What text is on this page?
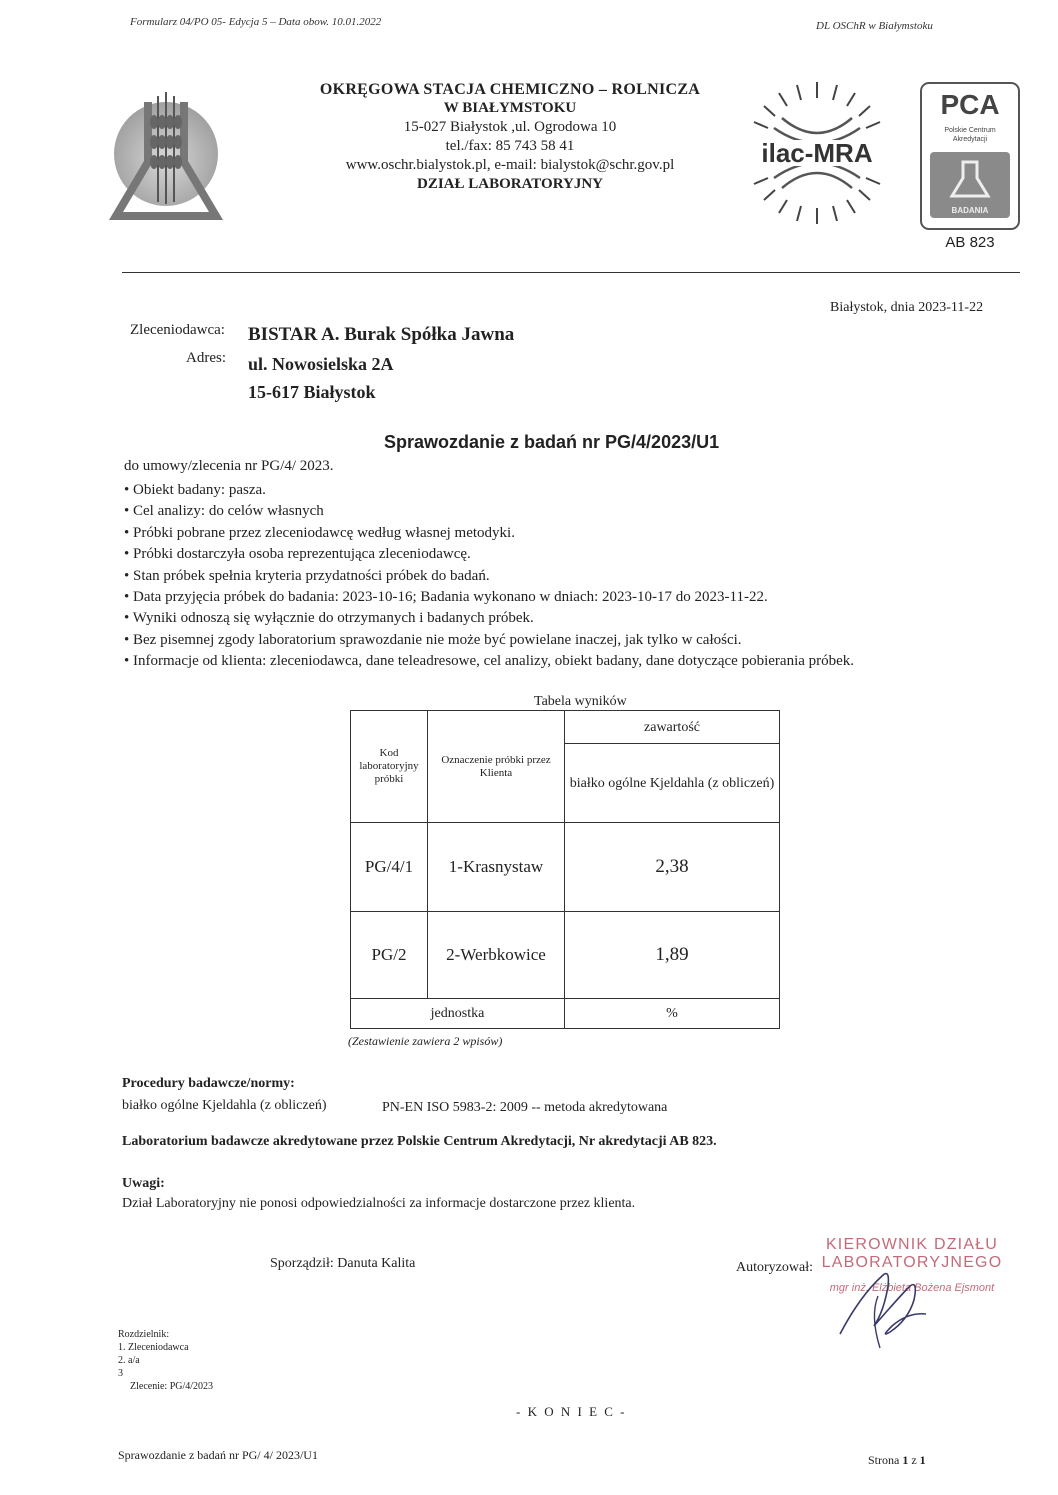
Formularz 04/PO 05- Edycja 5 – Data obow. 10.01.2022	DL OSChR w Białymstoku
OKRĘGOWA STACJA CHEMICZNO – ROLNICZA
W BIAŁYMSTOKU
15-027 Białystok ,ul. Ogrodowa 10
tel./fax: 85 743 58 41
www.oschr.bialystok.pl, e-mail: bialystok@schr.gov.pl
DZIAŁ LABORATORYJNY
ilac-MRA
PCA
Polskie Centrum
Akredytacji
BADANIA
AB 823
Białystok, dnia 2023-11-22
Zleceniodawca:
Adres:
BISTAR A. Burak Spółka Jawna
ul. Nowosielska 2A
15-617 Białystok
Sprawozdanie z badań nr PG/4/2023/U1
do umowy/zlecenia nr PG/4/ 2023.
• Obiekt badany: pasza.
• Cel analizy: do celów własnych
• Próbki pobrane przez zleceniodawcę według własnej metodyki.
• Próbki dostarczyła osoba reprezentująca zleceniodawcę.
• Stan próbek spełnia kryteria przydatności próbek do badań.
• Data przyjęcia próbek do badania: 2023-10-16; Badania wykonano w dniach: 2023-10-17 do 2023-11-22.
• Wyniki odnoszą się wyłącznie do otrzymanych i badanych próbek.
• Bez pisemnej zgody laboratorium sprawozdanie nie może być powielane inaczej, jak tylko w całości.
• Informacje od klienta: zleceniodawca, dane teleadresowe, cel analizy, obiekt badany, dane dotyczące pobierania próbek.
Tabela wyników
Kod laboratoryjny próbki	Oznaczenie próbki przez Klienta	zawartość
		białko ogólne Kjeldahla (z obliczeń)
PG/4/1	1-Krasnystaw	2,38
PG/2	2-Werbkowice	1,89
jednostka		%
(Zestawienie zawiera 2 wpisów)
Procedury badawcze/normy:
białko ogólne Kjeldahla (z obliczeń)	PN-EN ISO 5983-2: 2009 -- metoda akredytowana
Laboratorium badawcze akredytowane przez Polskie Centrum Akredytacji, Nr akredytacji AB 823.
Uwagi:
Dział Laboratoryjny nie ponosi odpowiedzialności za informacje dostarczone przez klienta.
Sporządził: Danuta Kalita	Autoryzował:
KIEROWNIK DZIAŁU
LABORATORYJNEGO
mgr inż. Elżbieta Bożena Ejsmont
Rozdzielnik:
1. Zleceniodawca
2. a/a
3
Zlecenie: PG/4/2023
- K O N I E C -
Sprawozdanie z badań nr PG/ 4/ 2023/U1	Strona 1 z 1
